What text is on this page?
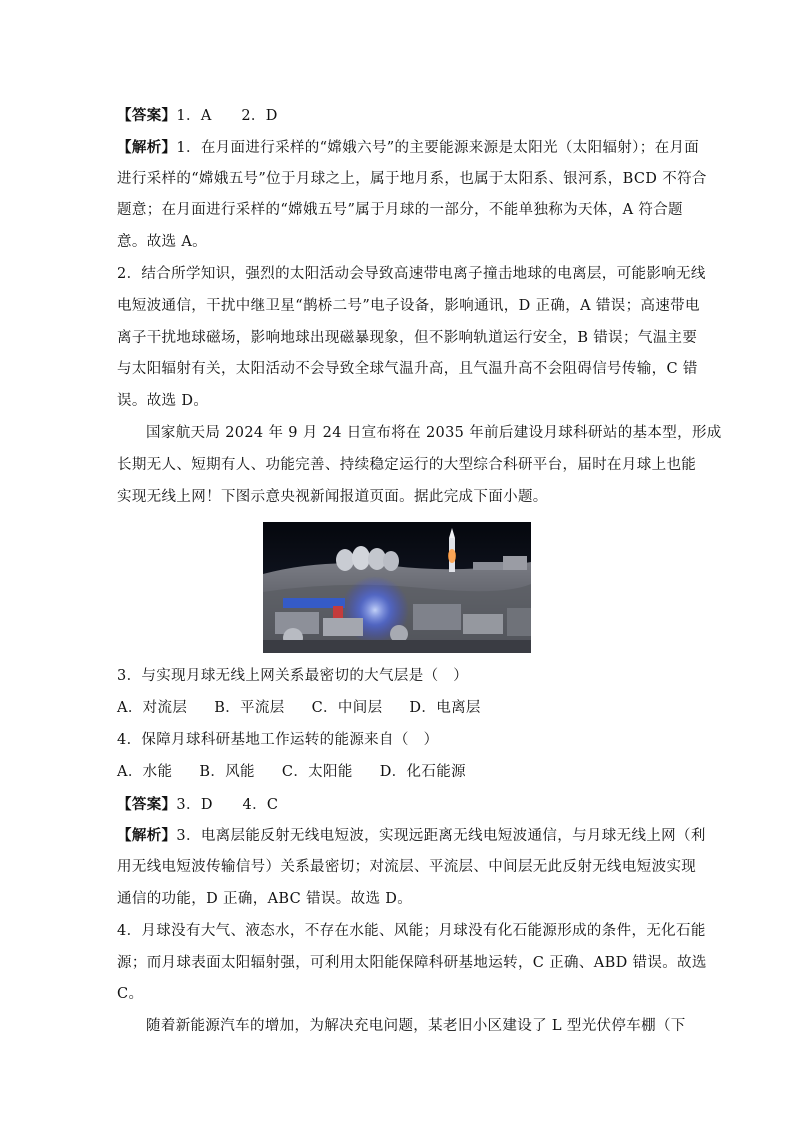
【答案】1．A　　2．D
【解析】1．在月面进行采样的“嫦娥六号”的主要能源来源是太阳光（太阳辐射）；在月面
进行采样的“嫦娥五号”位于月球之上，属于地月系，也属于太阳系、银河系，BCD 不符合
题意；在月面进行采样的“嫦娥五号”属于月球的一部分，不能单独称为天体，A 符合题
意。故选 A。
2．结合所学知识，强烈的太阳活动会导致高速带电离子撞击地球的电离层，可能影响无线
电短波通信，干扰中继卫星“鹊桥二号”电子设备，影响通讯，D 正确，A 错误；高速带电
离子干扰地球磁场，影响地球出现磁暴现象，但不影响轨道运行安全，B 错误；气温主要
与太阳辐射有关，太阳活动不会导致全球气温升高，且气温升高不会阻碍信号传输，C 错
误。故选 D。
国家航天局 2024 年 9 月 24 日宣布将在 2035 年前后建设月球科研站的基本型，形成
长期无人、短期有人、功能完善、持续稳定运行的大型综合科研平台，届时在月球上也能
实现无线上网！下图示意央视新闻报道页面。据此完成下面小题。
3．与实现月球无线上网关系最密切的大气层是（　）
A．对流层 B．平流层 C．中间层 D．电离层
4．保障月球科研基地工作运转的能源来自（　）
A．水能 B．风能 C．太阳能 D．化石能源
【答案】3．D　　4．C
【解析】3．电离层能反射无线电短波，实现远距离无线电短波通信，与月球无线上网（利
用无线电短波传输信号）关系最密切；对流层、平流层、中间层无此反射无线电短波实现
通信的功能，D 正确，ABC 错误。故选 D。
4．月球没有大气、液态水，不存在水能、风能；月球没有化石能源形成的条件，无化石能
源；而月球表面太阳辐射强，可利用太阳能保障科研基地运转，C 正确、ABD 错误。故选
C。
随着新能源汽车的增加，为解决充电问题，某老旧小区建设了 L 型光伏停车棚（下
